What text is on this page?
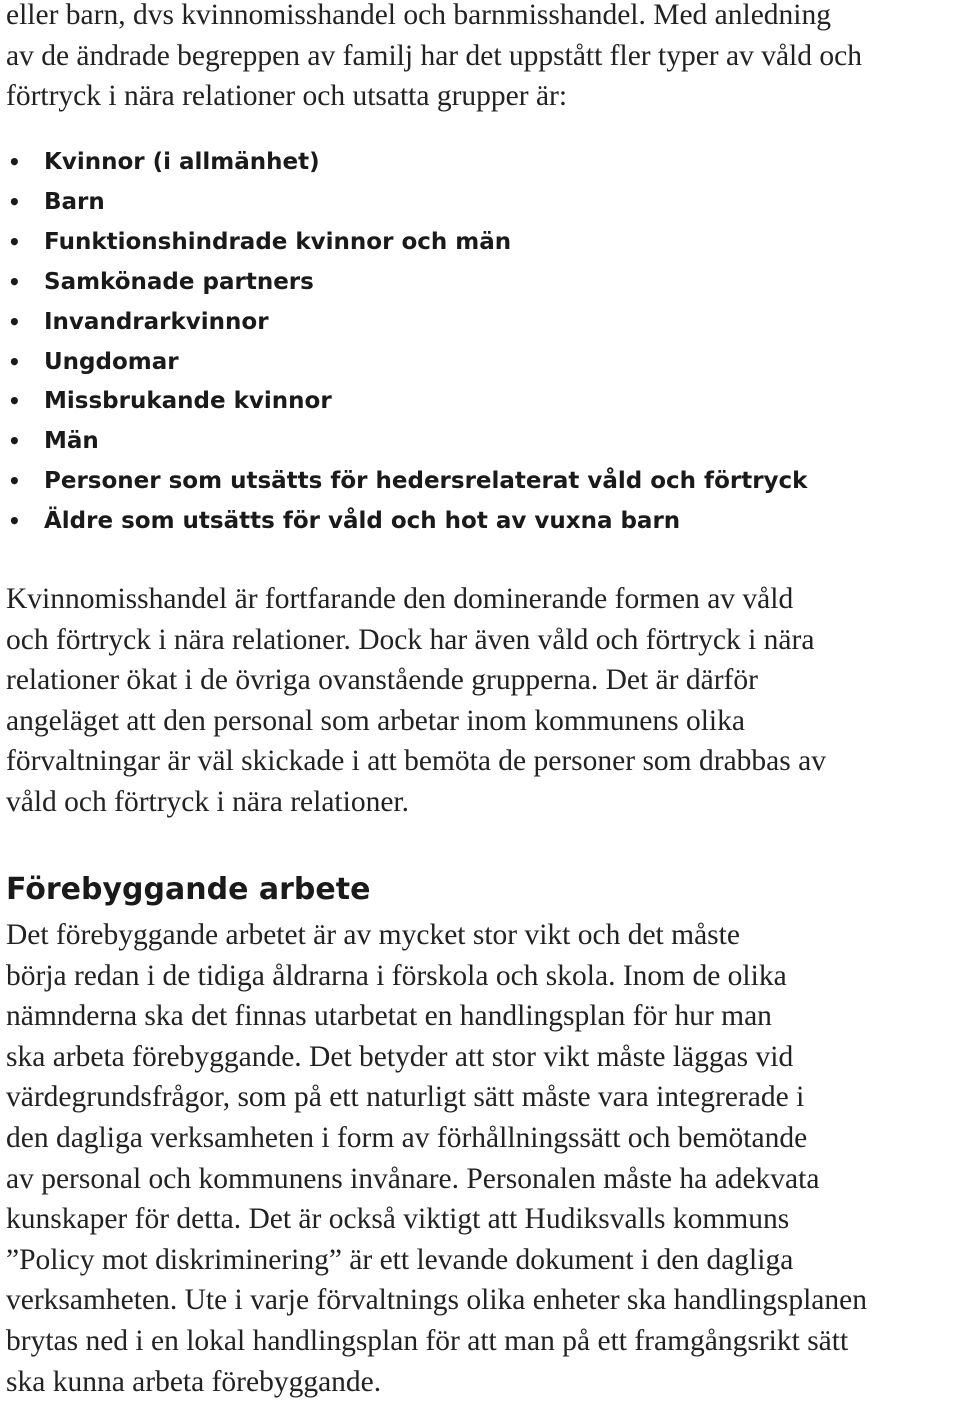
eller barn, dvs kvinnomisshandel och barnmisshandel. Med anledning
av de ändrade begreppen av familj har det uppstått fler typer av våld och
förtryck i nära relationer och utsatta grupper är:

• Kvinnor (i allmänhet)
• Barn
• Funktionshindrade kvinnor och män
• Samkönade partners
• Invandrarkvinnor
• Ungdomar
• Missbrukande kvinnor
• Män
• Personer som utsätts för hedersrelaterat våld och förtryck
• Äldre som utsätts för våld och hot av vuxna barn

Kvinnomisshandel är fortfarande den dominerande formen av våld
och förtryck i nära relationer. Dock har även våld och förtryck i nära
relationer ökat i de övriga ovanstående grupperna. Det är därför
angeläget att den personal som arbetar inom kommunens olika
förvaltningar är väl skickade i att bemöta de personer som drabbas av
våld och förtryck i nära relationer.

Förebyggande arbete

Det förebyggande arbetet är av mycket stor vikt och det måste
börja redan i de tidiga åldrarna i förskola och skola. Inom de olika
nämnderna ska det finnas utarbetat en handlingsplan för hur man
ska arbeta förebyggande. Det betyder att stor vikt måste läggas vid
värdegrundsfrågor, som på ett naturligt sätt måste vara integrerade i
den dagliga verksamheten i form av förhållningssätt och bemötande
av personal och kommunens invånare. Personalen måste ha adekvata
kunskaper för detta. Det är också viktigt att Hudiksvalls kommuns
”Policy mot diskriminering” är ett levande dokument i den dagliga
verksamheten. Ute i varje förvaltnings olika enheter ska handlingsplanen
brytas ned i en lokal handlingsplan för att man på ett framgångsrikt sätt
ska kunna arbeta förebyggande.
